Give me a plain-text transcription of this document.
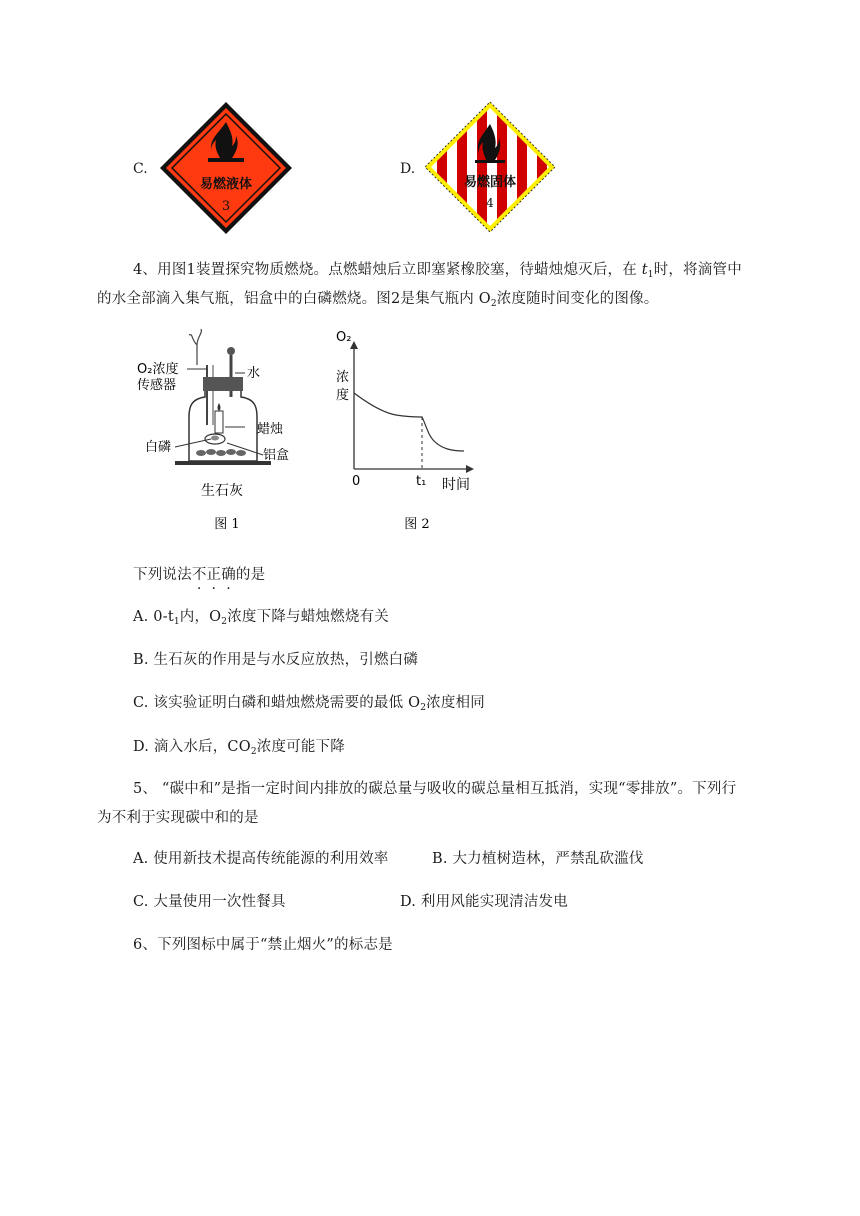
C.
易燃液体
3
D.
易燃固体
4
4、用图1装置探究物质燃烧。点燃蜡烛后立即塞紧橡胶塞，待蜡烛熄灭后，在 $t_1$时，将滴管中
的水全部滴入集气瓶，铝盒中的白磷燃烧。图2是集气瓶内 $O_2$浓度随时间变化的图像。
O₂浓度
传感器
水
蜡烛
白磷
铝盒
生石灰
图 1
O₂
浓
度
0	t₁ 时间
图 2
下列说法不正确的是
A. $0-t_1$内，$O_2$浓度下降与蜡烛燃烧有关
B. 生石灰的作用是与水反应放热，引燃白磷
C. 该实验证明白磷和蜡烛燃烧需要的最低 $O_2$浓度相同
D. 滴入水后，$CO_2$浓度可能下降
5、 “碳中和”是指一定时间内排放的碳总量与吸收的碳总量相互抵消，实现“零排放”。下列行
为不利于实现碳中和的是
A. 使用新技术提高传统能源的利用效率	B. 大力植树造林，严禁乱砍滥伐
C. 大量使用一次性餐具	D. 利用风能实现清洁发电
6、下列图标中属于“禁止烟火”的标志是
